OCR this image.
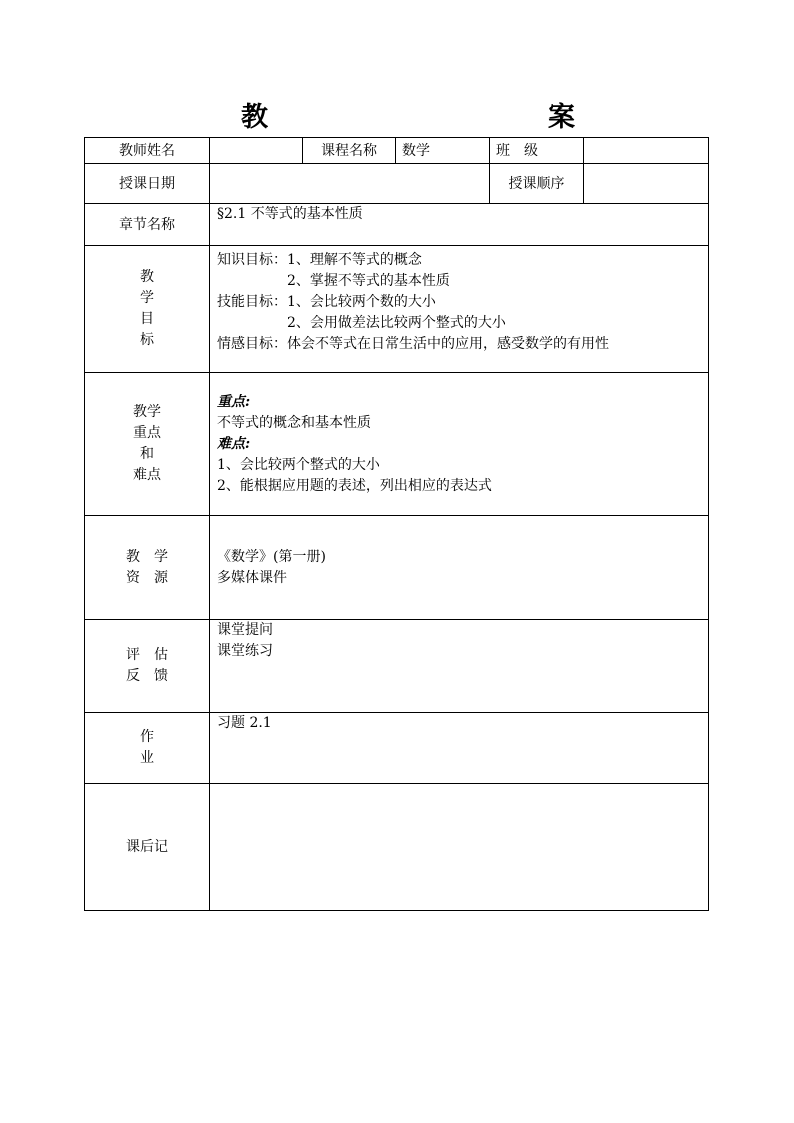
教	案
教师姓名		课程名称	数学	班　级	
授课日期				授课顺序	
章节名称	§2.1 不等式的基本性质				

教
学
目
标	知识目标：1、理解不等式的概念
2、掌握不等式的基本性质
技能目标：1、会比较两个数的大小
2、会用做差法比较两个整式的大小
情感目标：体会不等式在日常生活中的应用，感受数学的有用性				

教学
重点
和
难点	重点:
不等式的概念和基本性质
难点:
1、会比较两个整式的大小
2、能根据应用题的表述，列出相应的表达式				

教　学
资　源	《数学》(第一册)
多媒体课件				

评　估
反　馈	课堂提问
课堂练习				

作
业	习题 2.1				

课后记					
